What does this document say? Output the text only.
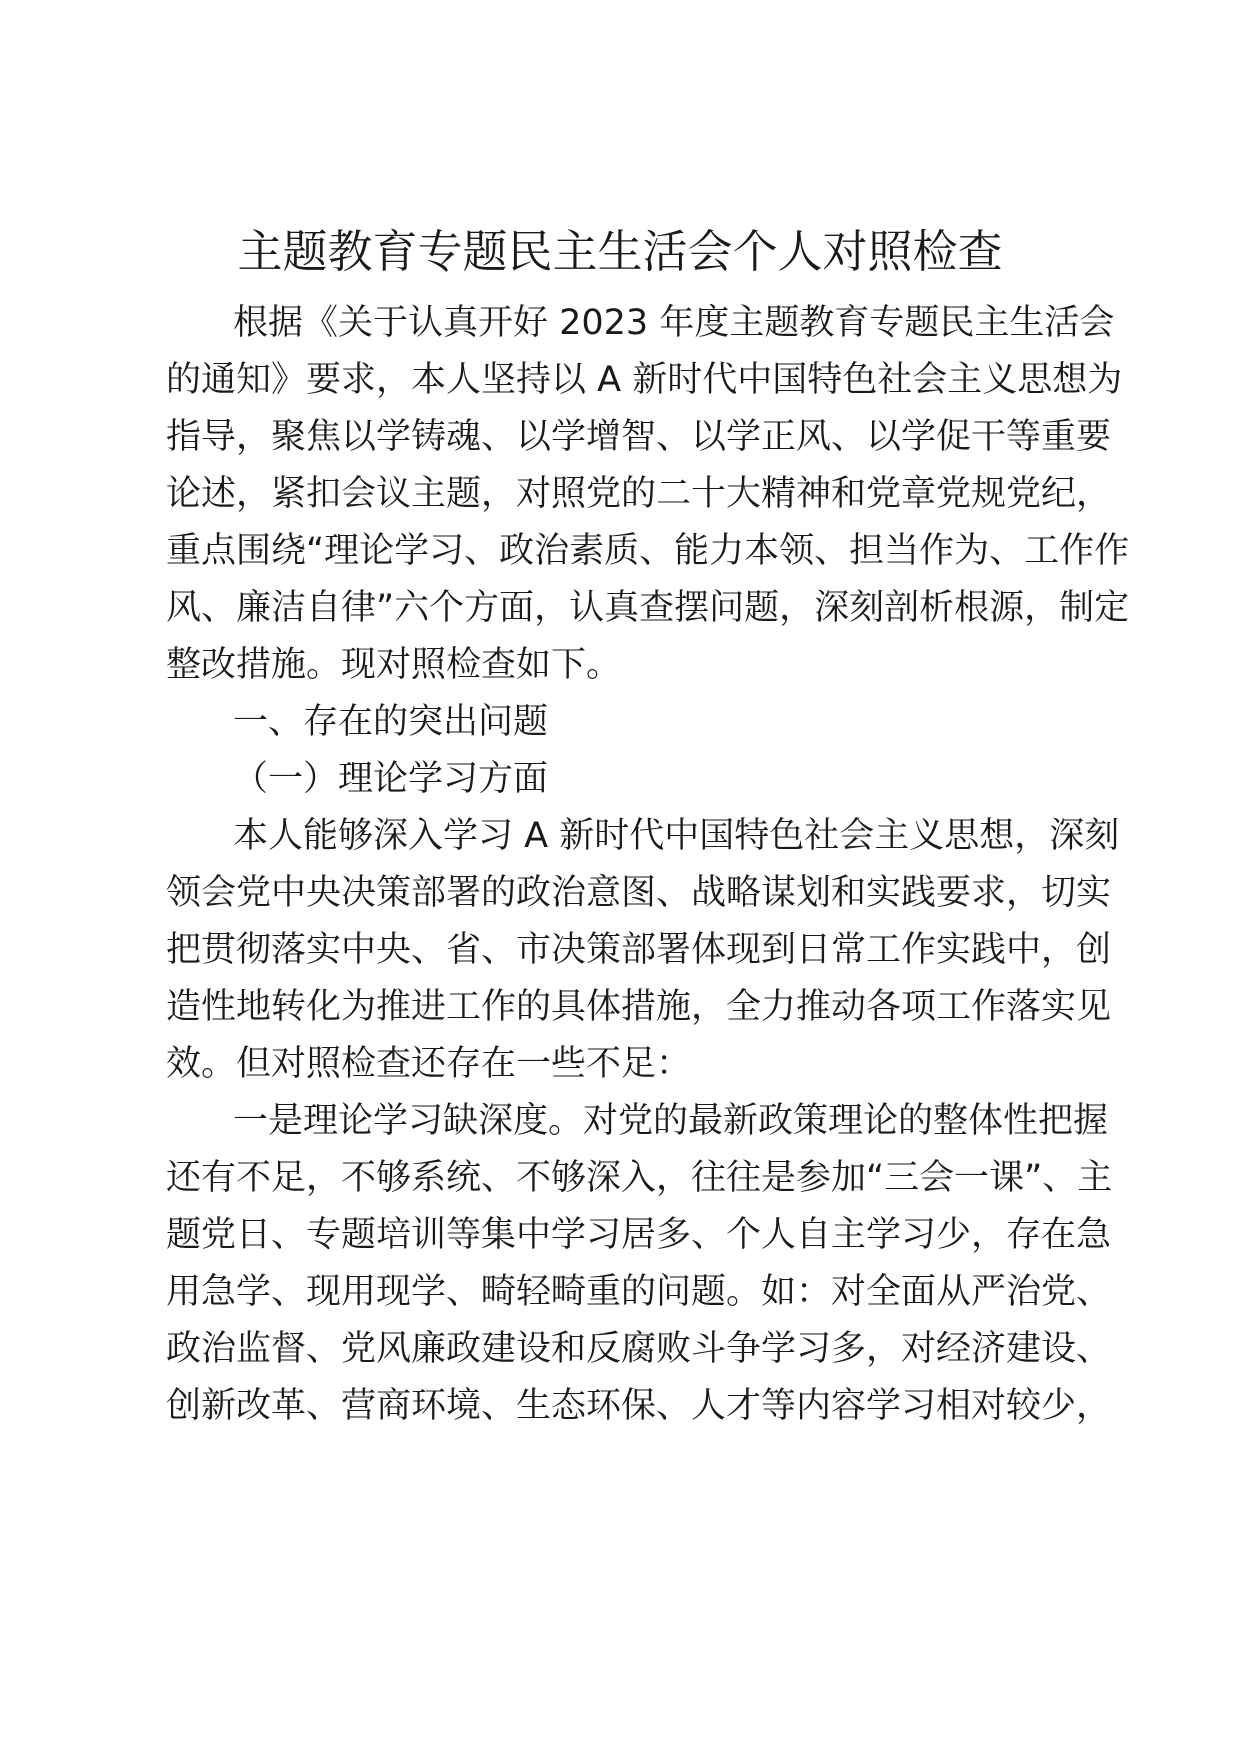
主题教育专题民主生活会个人对照检查

根据《关于认真开好 2023 年度主题教育专题民主生活会

的通知》要求，本人坚持以 A 新时代中国特色社会主义思想为

指导，聚焦以学铸魂、以学增智、以学正风、以学促干等重要

论述，紧扣会议主题，对照党的二十大精神和党章党规党纪，

重点围绕“理论学习、政治素质、能力本领、担当作为、工作作

风、廉洁自律”六个方面，认真查摆问题，深刻剖析根源，制定

整改措施。现对照检查如下。

一、存在的突出问题

（一）理论学习方面

本人能够深入学习 A 新时代中国特色社会主义思想，深刻

领会党中央决策部署的政治意图、战略谋划和实践要求，切实

把贯彻落实中央、省、市决策部署体现到日常工作实践中，创

造性地转化为推进工作的具体措施，全力推动各项工作落实见

效。但对照检查还存在一些不足：

一是理论学习缺深度。对党的最新政策理论的整体性把握

还有不足，不够系统、不够深入，往往是参加“三会一课”、主

题党日、专题培训等集中学习居多、个人自主学习少，存在急

用急学、现用现学、畸轻畸重的问题。如：对全面从严治党、

政治监督、党风廉政建设和反腐败斗争学习多，对经济建设、

创新改革、营商环境、生态环保、人才等内容学习相对较少，
